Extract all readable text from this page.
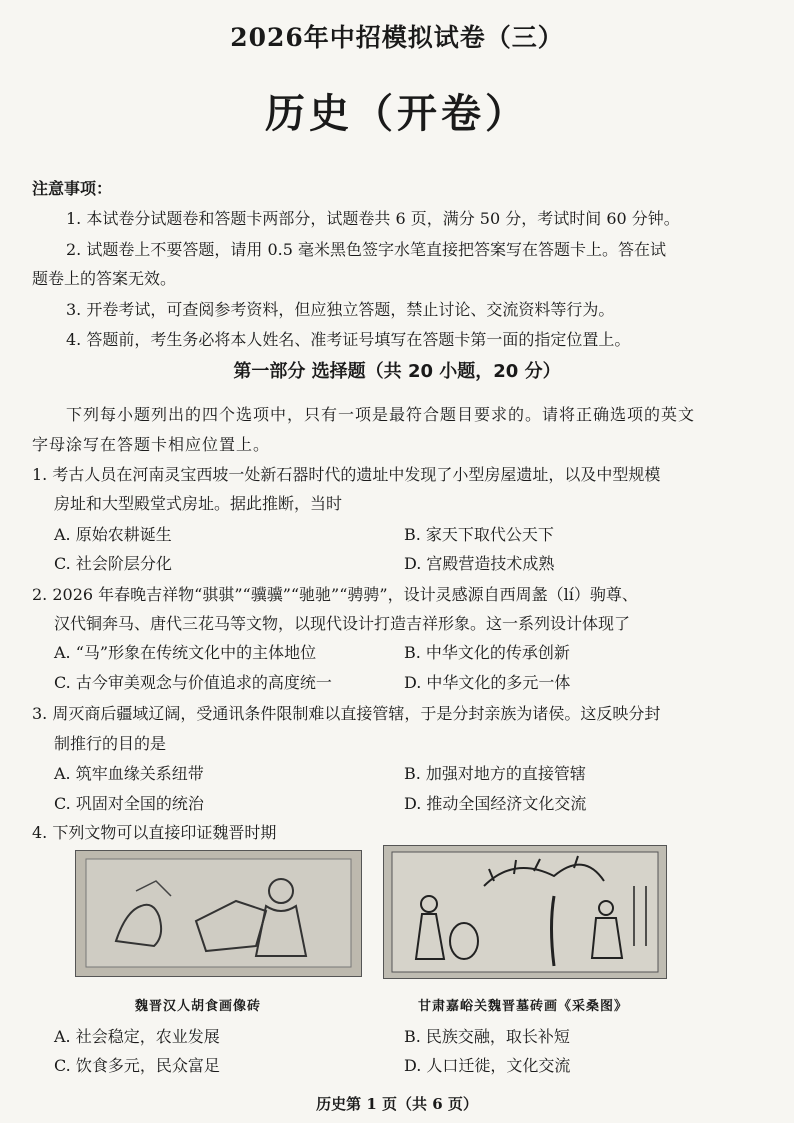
2026年中招模拟试卷（三）
历史（开卷）
注意事项：
1. 本试卷分试题卷和答题卡两部分，试题卷共 6 页，满分 50 分，考试时间 60 分钟。
2. 试题卷上不要答题，请用 0.5 毫米黑色签字水笔直接把答案写在答题卡上。答在试
题卷上的答案无效。
3. 开卷考试，可查阅参考资料，但应独立答题，禁止讨论、交流资料等行为。
4. 答题前，考生务必将本人姓名、准考证号填写在答题卡第一面的指定位置上。
第一部分 选择题（共 20 小题，20 分）
下列每小题列出的四个选项中，只有一项是最符合题目要求的。请将正确选项的英文
字母涂写在答题卡相应位置上。
1. 考古人员在河南灵宝西坡一处新石器时代的遗址中发现了小型房屋遗址，以及中型规模
房址和大型殿堂式房址。据此推断，当时
A. 原始农耕诞生	B. 家天下取代公天下
C. 社会阶层分化	D. 宫殿营造技术成熟
2. 2026 年春晚吉祥物“骐骐”“骥骥”“驰驰”“骋骋”，设计灵感源自西周盠（lí）驹尊、
汉代铜奔马、唐代三花马等文物，以现代设计打造吉祥形象。这一系列设计体现了
A. “马”形象在传统文化中的主体地位	B. 中华文化的传承创新
C. 古今审美观念与价值追求的高度统一	D. 中华文化的多元一体
3. 周灭商后疆域辽阔，受通讯条件限制难以直接管辖，于是分封亲族为诸侯。这反映分封
制推行的目的是
A. 筑牢血缘关系纽带	B. 加强对地方的直接管辖
C. 巩固对全国的统治	D. 推动全国经济文化交流
4. 下列文物可以直接印证魏晋时期
魏晋汉人胡食画像砖	甘肃嘉峪关魏晋墓砖画《采桑图》
A. 社会稳定，农业发展	B. 民族交融，取长补短
C. 饮食多元，民众富足	D. 人口迁徙，文化交流
历史第 1 页（共 6 页）
